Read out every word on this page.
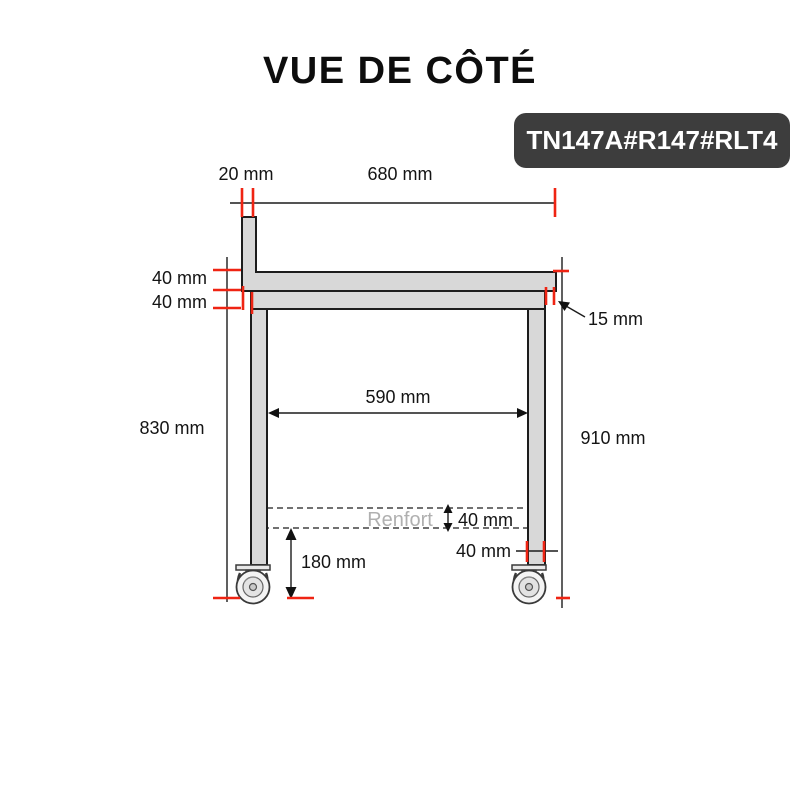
VUE DE CÔTÉ
TN147A#R147#RLT4
20 mm	680 mm
40 mm
40 mm
15 mm
590 mm
830 mm	910 mm
Renfort 40 mm
40 mm
180 mm
